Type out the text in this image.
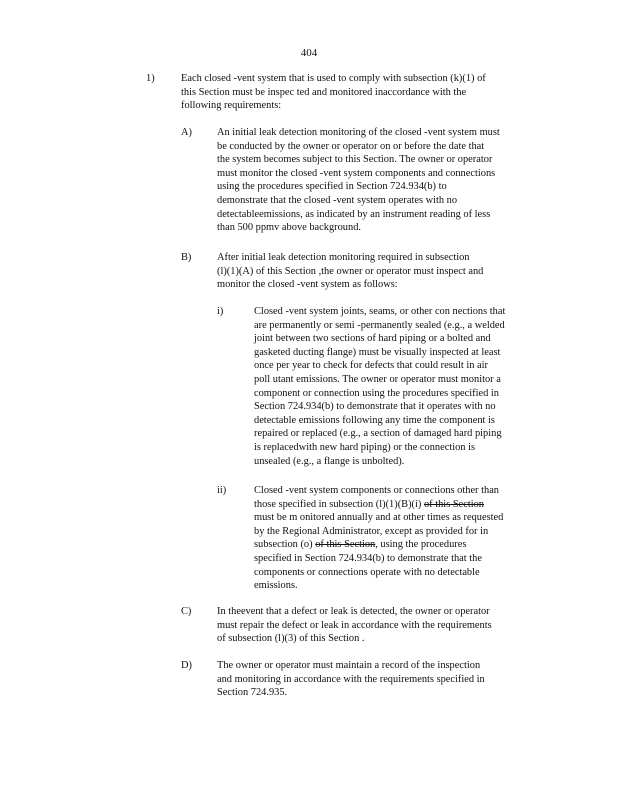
404
1)	Each closed -vent system that is used to comply with subsection (k)(1) of
this Section must be inspec ted and monitored inaccordance with the
following requirements:
A) An initial leak detection monitoring of the closed -vent system must
be conducted by the owner or operator on or before the date that
the system becomes subject to this Section. The owner or operator
must monitor the closed -vent system components and connections
using the procedures specified in Section 724.934(b) to
demonstrate that the closed -vent system operates with no
detectableemissions, as indicated by an instrument reading of less
than 500 ppmv above background.
B) After initial leak detection monitoring required in subsection
(l)(1)(A) of this Section ,the owner or operator must inspect and
monitor the closed -vent system as follows:
i)	Closed -vent system joints, seams, or other con nections that
are permanently or semi -permanently sealed (e.g., a welded
joint between two sections of hard piping or a bolted and
gasketed ducting flange) must be visually inspected at least
once per year to check for defects that could result in air
poll utant emissions. The owner or operator must monitor a
component or connection using the procedures specified in
Section 724.934(b) to demonstrate that it operates with no
detectable emissions following any time the component is
repaired or replaced (e.g., a section of damaged hard piping
is replacedwith new hard piping) or the connection is
unsealed (e.g., a flange is unbolted).
ii)	Closed -vent system components or connections other than
those specified in subsection (l)(1)(B)(i) of this Section
must be m onitored annually and at other times as requested
by the Regional Administrator, except as provided for in
subsection (o) of this Section, using the procedures
specified in Section 724.934(b) to demonstrate that the
components or connections operate with no detectable
emissions.
C) In theevent that a defect or leak is detected, the owner or operator
must repair the defect or leak in accordance with the requirements
of subsection (l)(3) of this Section .
D) The owner or operator must maintain a record of the inspection
and monitoring in accordance with the requirements specified in
Section 724.935.
